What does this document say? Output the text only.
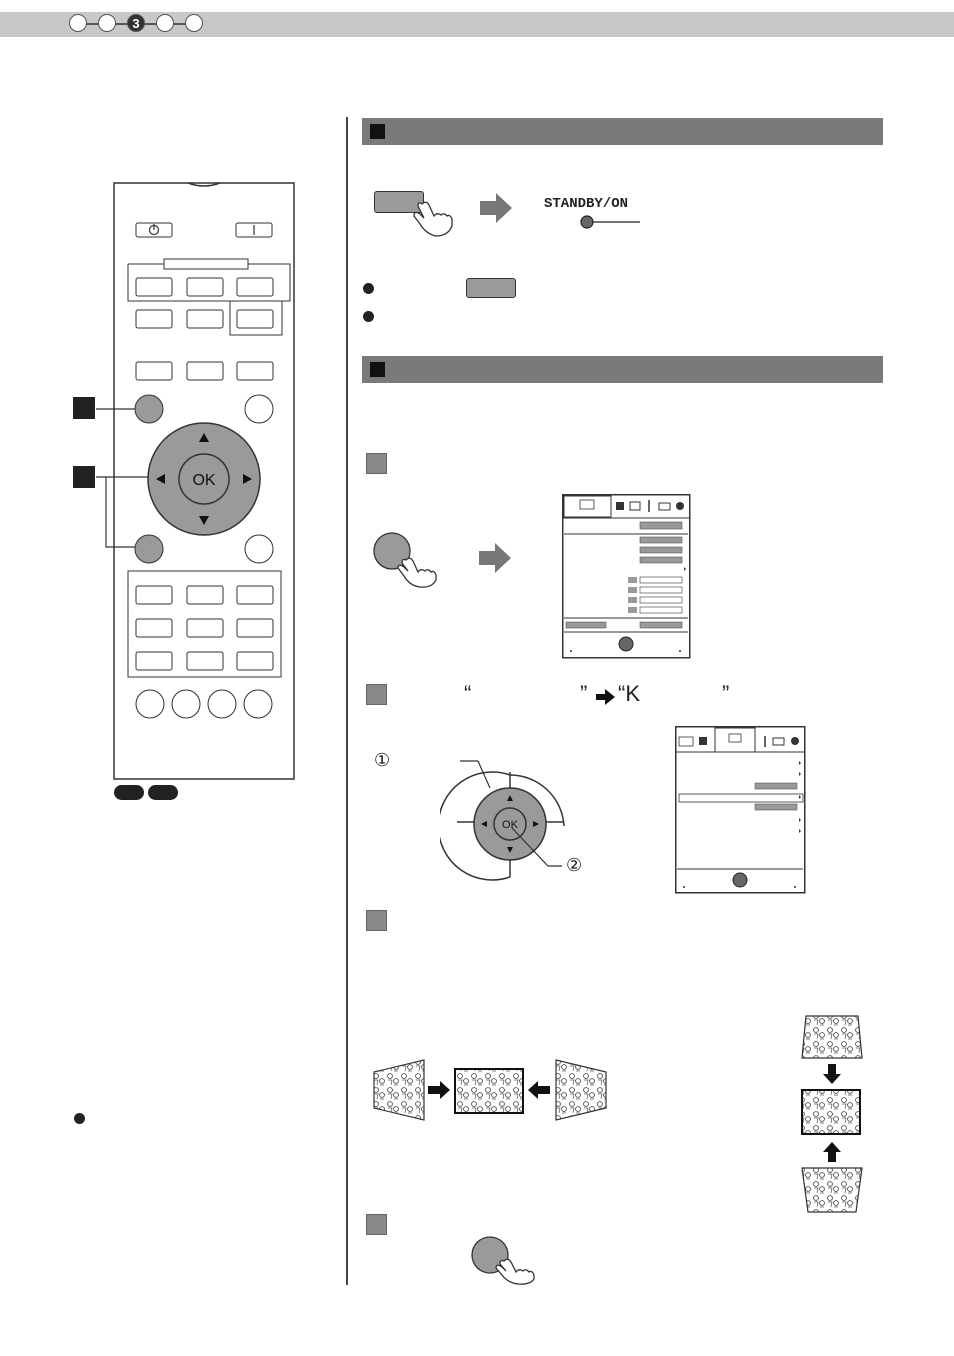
3
OK
STANDBY/ON
“	” “K	”
①
OK
②
